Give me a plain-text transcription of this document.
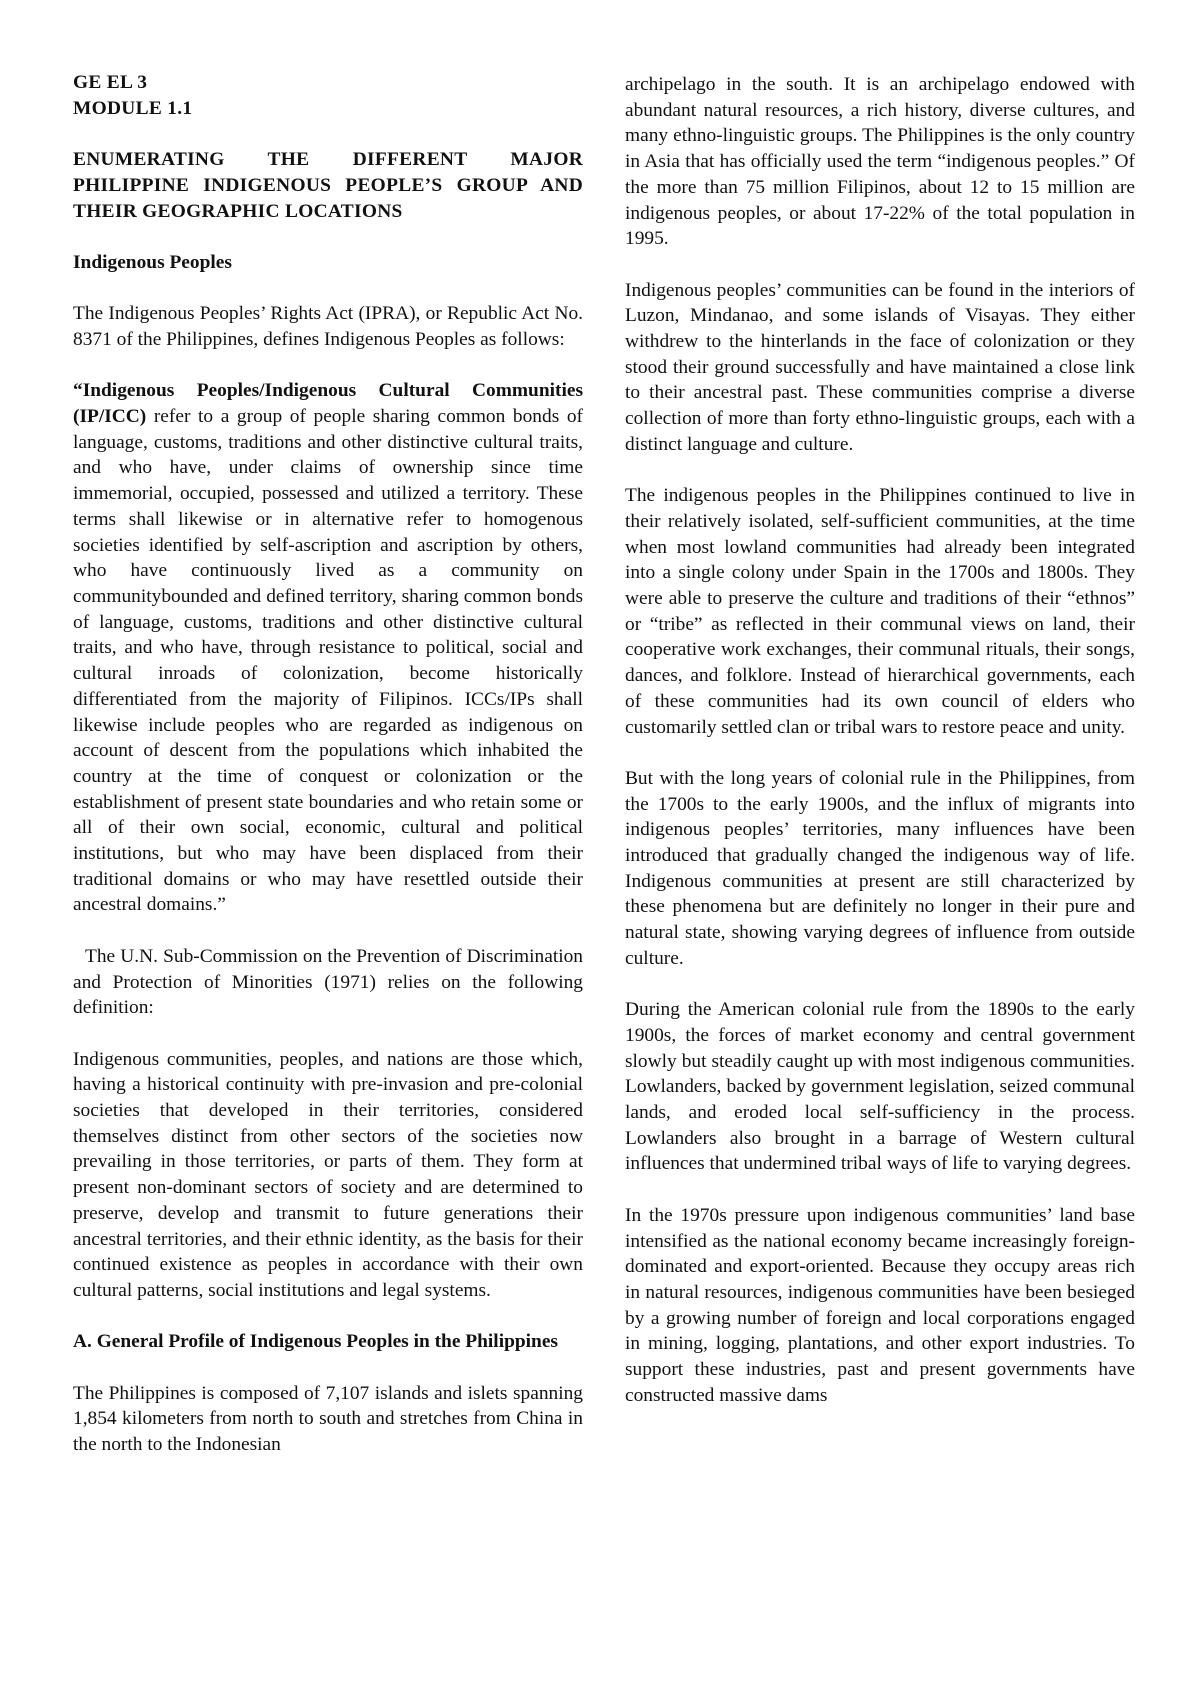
GE EL 3

MODULE 1.1

ENUMERATING THE DIFFERENT MAJOR PHILIPPINE INDIGENOUS PEOPLE’S GROUP AND THEIR GEOGRAPHIC LOCATIONS

Indigenous Peoples

The Indigenous Peoples’ Rights Act (IPRA), or Republic Act No. 8371 of the Philippines, defines Indigenous Peoples as follows:

“Indigenous Peoples/Indigenous Cultural Communities (IP/ICC) refer to a group of people sharing common bonds of language, customs, traditions and other distinctive cultural traits, and who have, under claims of ownership since time immemorial, occupied, possessed and utilized a territory. These terms shall likewise or in alternative refer to homogenous societies identified by self-ascription and ascription by others, who have continuously lived as a community on communitybounded and defined territory, sharing common bonds of language, customs, traditions and other distinctive cultural traits, and who have, through resistance to political, social and cultural inroads of colonization, become historically differentiated from the majority of Filipinos. ICCs/IPs shall likewise include peoples who are regarded as indigenous on account of descent from the populations which inhabited the country at the time of conquest or colonization or the establishment of present state boundaries and who retain some or all of their own social, economic, cultural and political institutions, but who may have been displaced from their traditional domains or who may have resettled outside their ancestral domains.”

The U.N. Sub-Commission on the Prevention of Discrimination and Protection of Minorities (1971) relies on the following definition:

Indigenous communities, peoples, and nations are those which, having a historical continuity with pre-invasion and pre-colonial societies that developed in their territories, considered themselves distinct from other sectors of the societies now prevailing in those territories, or parts of them. They form at present non-dominant sectors of society and are determined to preserve, develop and transmit to future generations their ancestral territories, and their ethnic identity, as the basis for their continued existence as peoples in accordance with their own cultural patterns, social institutions and legal systems.

A. General Profile of Indigenous Peoples in the Philippines

The Philippines is composed of 7,107 islands and islets spanning 1,854 kilometers from north to south and stretches from China in the north to the Indonesian

archipelago in the south. It is an archipelago endowed with abundant natural resources, a rich history, diverse cultures, and many ethno-linguistic groups. The Philippines is the only country in Asia that has officially used the term “indigenous peoples.” Of the more than 75 million Filipinos, about 12 to 15 million are indigenous peoples, or about 17-22% of the total population in 1995.

Indigenous peoples’ communities can be found in the interiors of Luzon, Mindanao, and some islands of Visayas. They either withdrew to the hinterlands in the face of colonization or they stood their ground successfully and have maintained a close link to their ancestral past. These communities comprise a diverse collection of more than forty ethno-linguistic groups, each with a distinct language and culture.

The indigenous peoples in the Philippines continued to live in their relatively isolated, self-sufficient communities, at the time when most lowland communities had already been integrated into a single colony under Spain in the 1700s and 1800s. They were able to preserve the culture and traditions of their “ethnos” or “tribe” as reflected in their communal views on land, their cooperative work exchanges, their communal rituals, their songs, dances, and folklore. Instead of hierarchical governments, each of these communities had its own council of elders who customarily settled clan or tribal wars to restore peace and unity.

But with the long years of colonial rule in the Philippines, from the 1700s to the early 1900s, and the influx of migrants into indigenous peoples’ territories, many influences have been introduced that gradually changed the indigenous way of life. Indigenous communities at present are still characterized by these phenomena but are definitely no longer in their pure and natural state, showing varying degrees of influence from outside culture.

During the American colonial rule from the 1890s to the early 1900s, the forces of market economy and central government slowly but steadily caught up with most indigenous communities. Lowlanders, backed by government legislation, seized communal lands, and eroded local self-sufficiency in the process. Lowlanders also brought in a barrage of Western cultural influences that undermined tribal ways of life to varying degrees.

In the 1970s pressure upon indigenous communities’ land base intensified as the national economy became increasingly foreign-dominated and export-oriented. Because they occupy areas rich in natural resources, indigenous communities have been besieged by a growing number of foreign and local corporations engaged in mining, logging, plantations, and other export industries. To support these industries, past and present governments have constructed massive dams
